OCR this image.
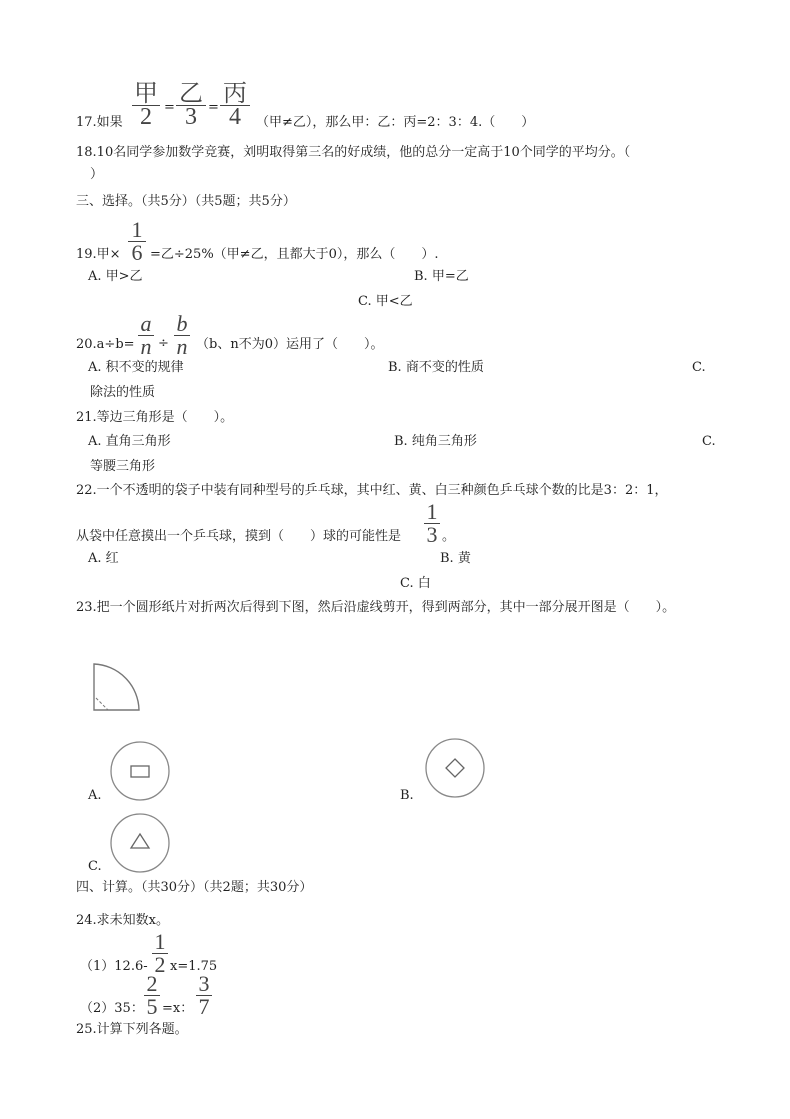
甲
2 =
乙
3 =
丙
4
17.如果	（甲≠乙），那么甲：乙：丙=2：3：4.（　　）
18.10名同学参加数学竞赛，刘明取得第三名的好成绩，他的总分一定高于10个同学的平均分。（
）
三、选择。（共5分）（共5题；共5分）
19.甲×
1
6 =乙÷25%（甲≠乙，且都大于0），那么（　　）.
A. 甲>乙	B. 甲=乙
C. 甲<乙
20.a÷b=
a
n ÷
b
n （b、n不为0）运用了（　　）。
A. 积不变的规律	B. 商不变的性质	C.
除法的性质
21.等边三角形是（　　）。
A. 直角三角形	B. 纯角三角形	C.
等腰三角形
22.一个不透明的袋子中装有同种型号的乒乓球，其中红、黄、白三种颜色乒乓球个数的比是3：2：1，
从袋中任意摸出一个乒乓球，摸到（　　）球的可能性是
1
3 。
A. 红	B. 黄
C. 白
23.把一个圆形纸片对折两次后得到下图，然后沿虚线剪开，得到两部分，其中一部分展开图是（　　）。
A.	B.
C.
四、计算。（共30分）（共2题；共30分）
24.求未知数x。
（1）12.6-
1
2 x=1.75
（2）35：
2
5 =x：
3
7
25.计算下列各题。
